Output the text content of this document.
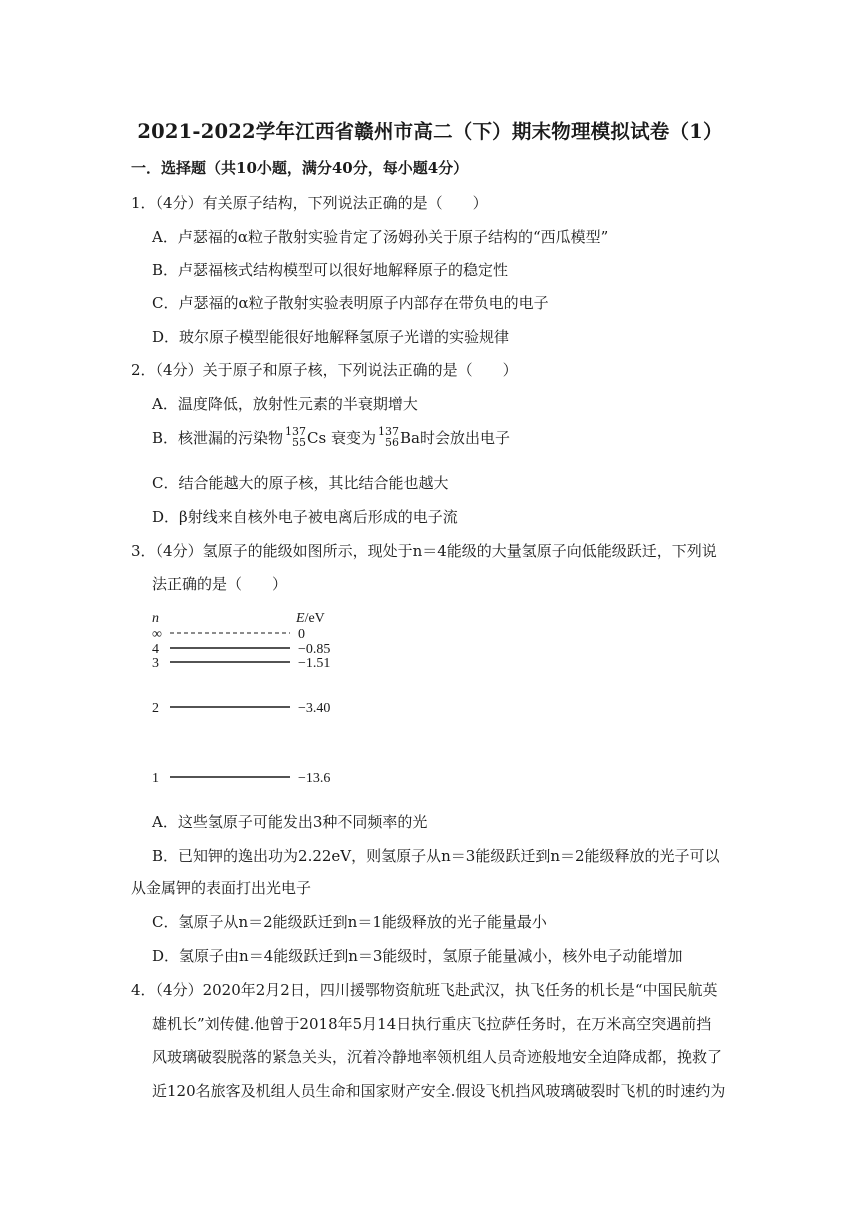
2021-2022学年江西省赣州市高二（下）期末物理模拟试卷（1）
一．选择题（共10小题，满分40分，每小题4分）
1．（4分）有关原子结构，下列说法正确的是（　　）
A．卢瑟福的α粒子散射实验肯定了汤姆孙关于原子结构的“西瓜模型”
B．卢瑟福核式结构模型可以很好地解释原子的稳定性
C．卢瑟福的α粒子散射实验表明原子内部存在带负电的电子
D．玻尔原子模型能很好地解释氢原子光谱的实验规律
2．（4分）关于原子和原子核，下列说法正确的是（　　）
A．温度降低，放射性元素的半衰期增大
B．核泄漏的污染物 137
55 Cs 衰变为 137
56 Ba时会放出电子
C．结合能越大的原子核，其比结合能也越大
D．β射线来自核外电子被电离后形成的电子流
3．（4分）氢原子的能级如图所示，现处于n＝4能级的大量氢原子向低能级跃迁，下列说
法正确的是（　　）
n	E/eV
∞	0
4	−0.85
3	−1.51
2	−3.40
1	−13.6
A．这些氢原子可能发出3种不同频率的光
B．已知钾的逸出功为2.22eV，则氢原子从n＝3能级跃迁到n＝2能级释放的光子可以
从金属钾的表面打出光电子
C．氢原子从n＝2能级跃迁到n＝1能级释放的光子能量最小
D．氢原子由n＝4能级跃迁到n＝3能级时，氢原子能量减小，核外电子动能增加
4．（4分）2020年2月2日，四川援鄂物资航班飞赴武汉，执飞任务的机长是“中国民航英
雄机长”刘传健.他曾于2018年5月14日执行重庆飞拉萨任务时，在万米高空突遇前挡
风玻璃破裂脱落的紧急关头，沉着冷静地率领机组人员奇迹般地安全迫降成都，挽救了
近120名旅客及机组人员生命和国家财产安全.假设飞机挡风玻璃破裂时飞机的时速约为
